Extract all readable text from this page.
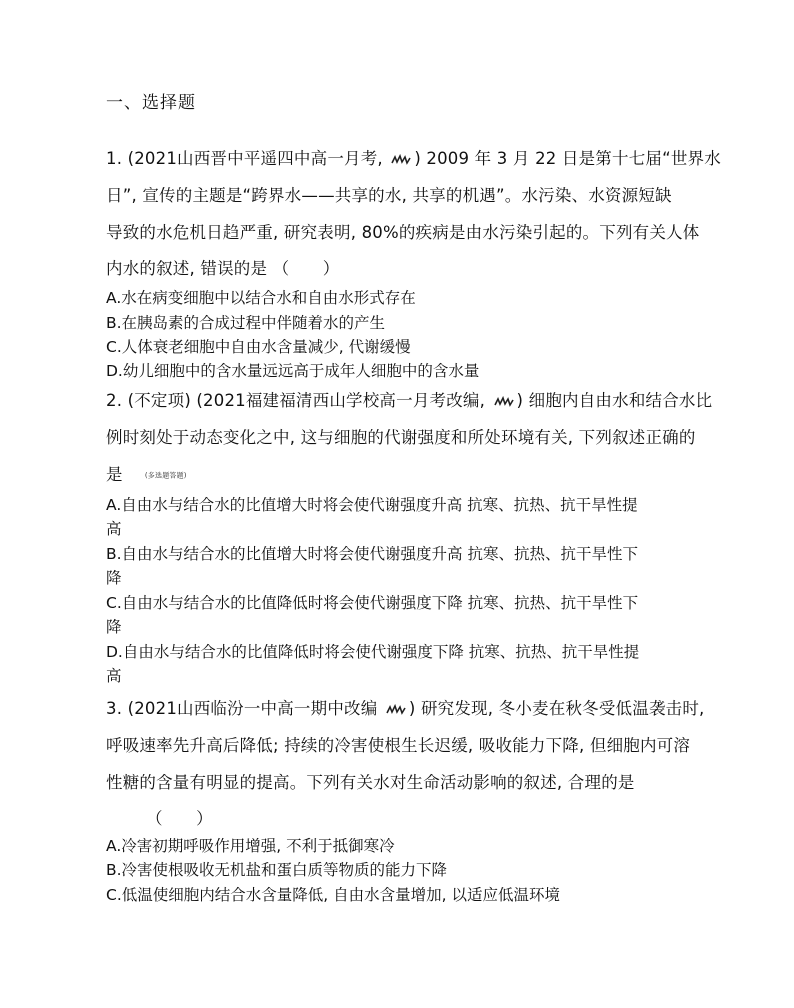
一、选择题
1. (2021山西晋中平遥四中高一月考, ) 2009 年 3 月 22 日是第十七届“世界水
日”, 宣传的主题是“跨界水——共享的水, 共享的机遇”。水污染、水资源短缺
导致的水危机日趋严重, 研究表明, 80%的疾病是由水污染引起的。下列有关人体
内水的叙述, 错误的是 （　　）
A.水在病变细胞中以结合水和自由水形式存在
B.在胰岛素的合成过程中伴随着水的产生
C.人体衰老细胞中自由水含量减少, 代谢缓慢
D.幼儿细胞中的含水量远远高于成年人细胞中的含水量
2. (不定项) (2021福建福清西山学校高一月考改编, ) 细胞内自由水和结合水比
例时刻处于动态变化之中, 这与细胞的代谢强度和所处环境有关, 下列叙述正确的
是　 (多选题答题)
A.自由水与结合水的比值增大时将会使代谢强度升高 抗寒、抗热、抗干旱性提
高
B.自由水与结合水的比值增大时将会使代谢强度升高 抗寒、抗热、抗干旱性下
降
C.自由水与结合水的比值降低时将会使代谢强度下降 抗寒、抗热、抗干旱性下
降
D.自由水与结合水的比值降低时将会使代谢强度下降 抗寒、抗热、抗干旱性提
高
3. (2021山西临汾一中高一期中改编 ) 研究发现, 冬小麦在秋冬受低温袭击时,
呼吸速率先升高后降低; 持续的冷害使根生长迟缓, 吸收能力下降, 但细胞内可溶
性糖的含量有明显的提高。下列有关水对生命活动影响的叙述, 合理的是
（　　）
A.冷害初期呼吸作用增强, 不利于抵御寒冷
B.冷害使根吸收无机盐和蛋白质等物质的能力下降
C.低温使细胞内结合水含量降低, 自由水含量增加, 以适应低温环境
